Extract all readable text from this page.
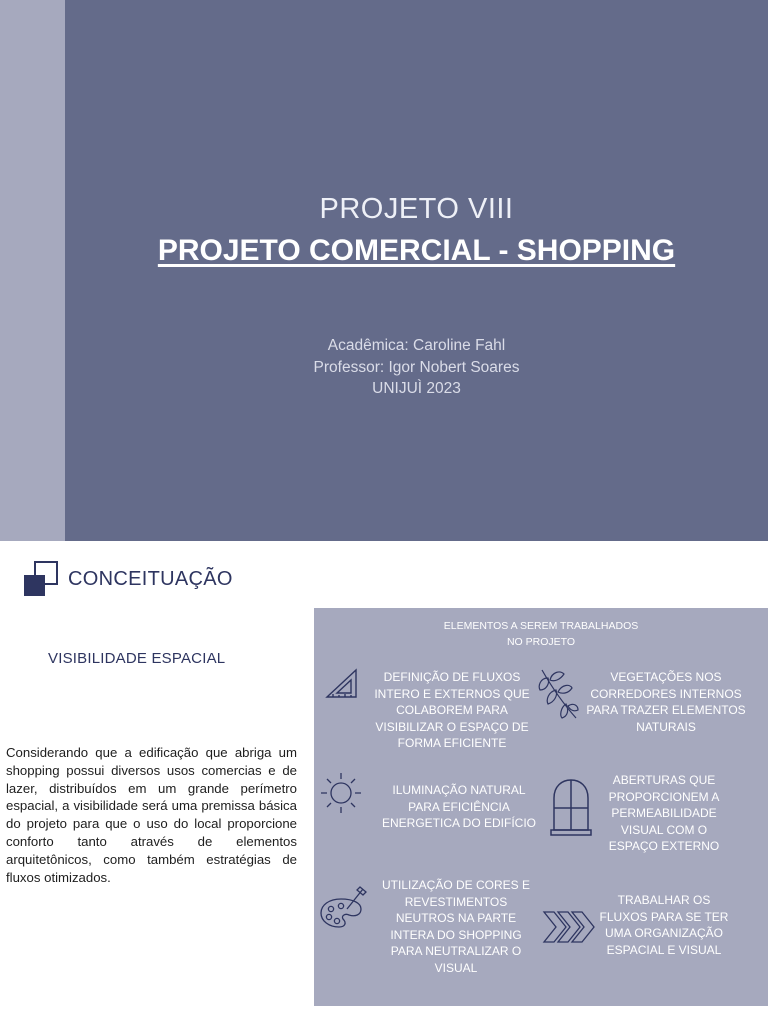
PROJETO VIII
PROJETO COMERCIAL - SHOPPING
Acadêmica: Caroline Fahl
Professor: Igor Nobert Soares
UNIJUÌ 2023
CONCEITUAÇÃO
VISIBILIDADE ESPACIAL
Considerando que a edificação que abriga um shopping possui diversos usos comercias e de lazer, distribuídos em um grande perímetro espacial, a visibilidade será uma premissa básica do projeto para que o uso do local proporcione conforto tanto através de elementos arquitetônicos, como também estratégias de fluxos otimizados.
ELEMENTOS A SEREM TRABALHADOS
NO PROJETO
DEFINIÇÃO DE FLUXOS
INTERO E EXTERNOS QUE
COLABOREM PARA
VISIBILIZAR O ESPAÇO DE
FORMA EFICIENTE
VEGETAÇÕES NOS
CORREDORES INTERNOS
PARA TRAZER ELEMENTOS
NATURAIS
ILUMINAÇÃO NATURAL
PARA EFICIÊNCIA
ENERGETICA DO EDIFÍCIO
ABERTURAS QUE
PROPORCIONEM A
PERMEABILIDADE
VISUAL COM O
ESPAÇO EXTERNO
UTILIZAÇÃO DE CORES E
REVESTIMENTOS
NEUTROS NA PARTE
INTERA DO SHOPPING
PARA NEUTRALIZAR O
VISUAL
TRABALHAR OS
FLUXOS PARA SE TER
UMA ORGANIZAÇÃO
ESPACIAL E VISUAL
